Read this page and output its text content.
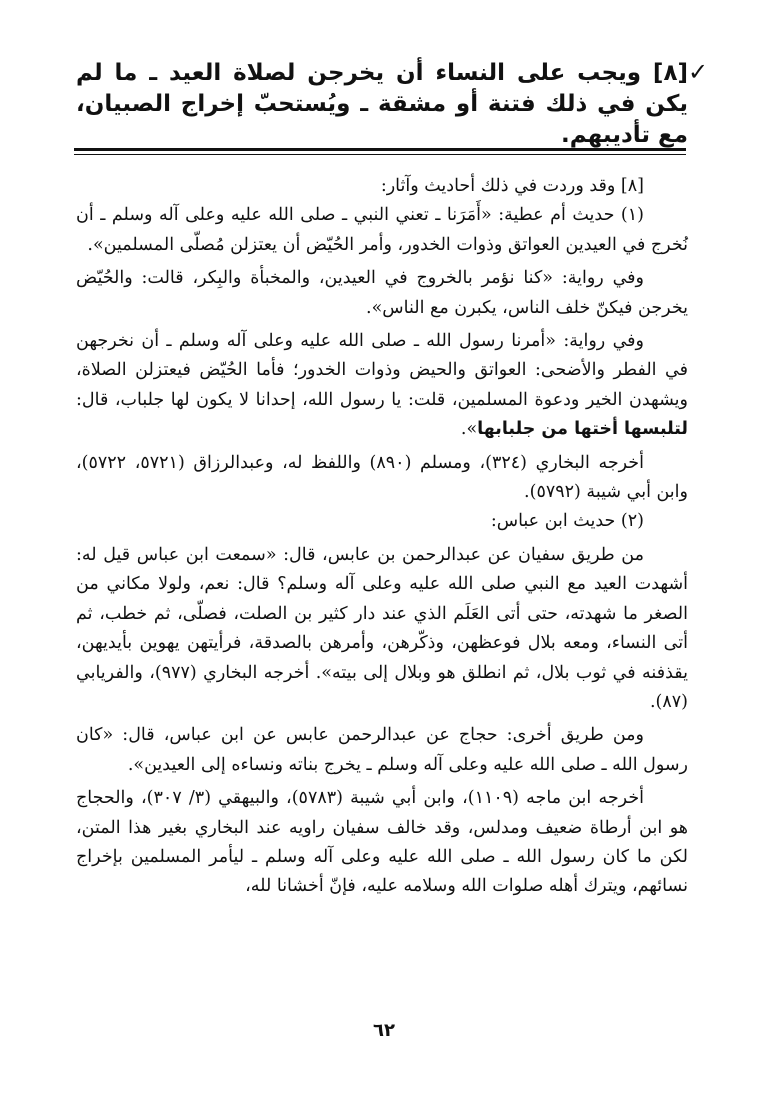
✓
[٨] ويجب على النساء أن يخرجن لصلاة العيد ـ ما لم يكن في ذلك فتنة أو مشقة ـ ويُستحبّ إخراج الصبيان، مع تأديبهم.

[٨] وقد وردت في ذلك أحاديث وآثار:

(١) حديث أم عطية: «أَمَرَنا ـ تعني النبي ـ صلى الله عليه وعلى آله وسلم ـ أن نُخرج في العيدين العواتق وذوات الخدور، وأمر الحُيّض أن يعتزلن مُصلّى المسلمين».

وفي رواية: «كنا نؤمر بالخروج في العيدين، والمخبأة والبِكر، قالت: والحُيّض يخرجن فيكنّ خلف الناس، يكبرن مع الناس».

وفي رواية: «أمرنا رسول الله ـ صلى الله عليه وعلى آله وسلم ـ أن نخرجهن في الفطر والأضحى: العواتق والحيض وذوات الخدور؛ فأما الحُيّض فيعتزلن الصلاة، ويشهدن الخير ودعوة المسلمين، قلت: يا رسول الله، إحدانا لا يكون لها جلباب، قال: لتلبسها أختها من جلبابها».

أخرجه البخاري (٣٢٤)، ومسلم (٨٩٠) واللفظ له، وعبدالرزاق (٥٧٢١، ٥٧٢٢)، وابن أبي شيبة (٥٧٩٢).

(٢) حديث ابن عباس:

من طريق سفيان عن عبدالرحمن بن عابس، قال: «سمعت ابن عباس قيل له: أشهدت العيد مع النبي صلى الله عليه وعلى آله وسلم؟ قال: نعم، ولولا مكاني من الصغر ما شهدته، حتى أتى العَلَم الذي عند دار كثير بن الصلت، فصلّى، ثم خطب، ثم أتى النساء، ومعه بلال فوعظهن، وذكّرهن، وأمرهن بالصدقة، فرأيتهن يهوين بأيديهن، يقذفنه في ثوب بلال، ثم انطلق هو وبلال إلى بيته». أخرجه البخاري (٩٧٧)، والفريابي (٨٧).

ومن طريق أخرى: حجاج عن عبدالرحمن عابس عن ابن عباس، قال: «كان رسول الله ـ صلى الله عليه وعلى آله وسلم ـ يخرج بناته ونساءه إلى العيدين».

أخرجه ابن ماجه (١١٠٩)، وابن أبي شيبة (٥٧٨٣)، والبيهقي (٣/ ٣٠٧)، والحجاج هو ابن أرطاة ضعيف ومدلس، وقد خالف سفيان راويه عند البخاري بغير هذا المتن، لكن ما كان رسول الله ـ صلى الله عليه وعلى آله وسلم ـ ليأمر المسلمين بإخراج نسائهم، ويترك أهله صلوات الله وسلامه عليه، فإنّ أخشانا لله،

٦٢
